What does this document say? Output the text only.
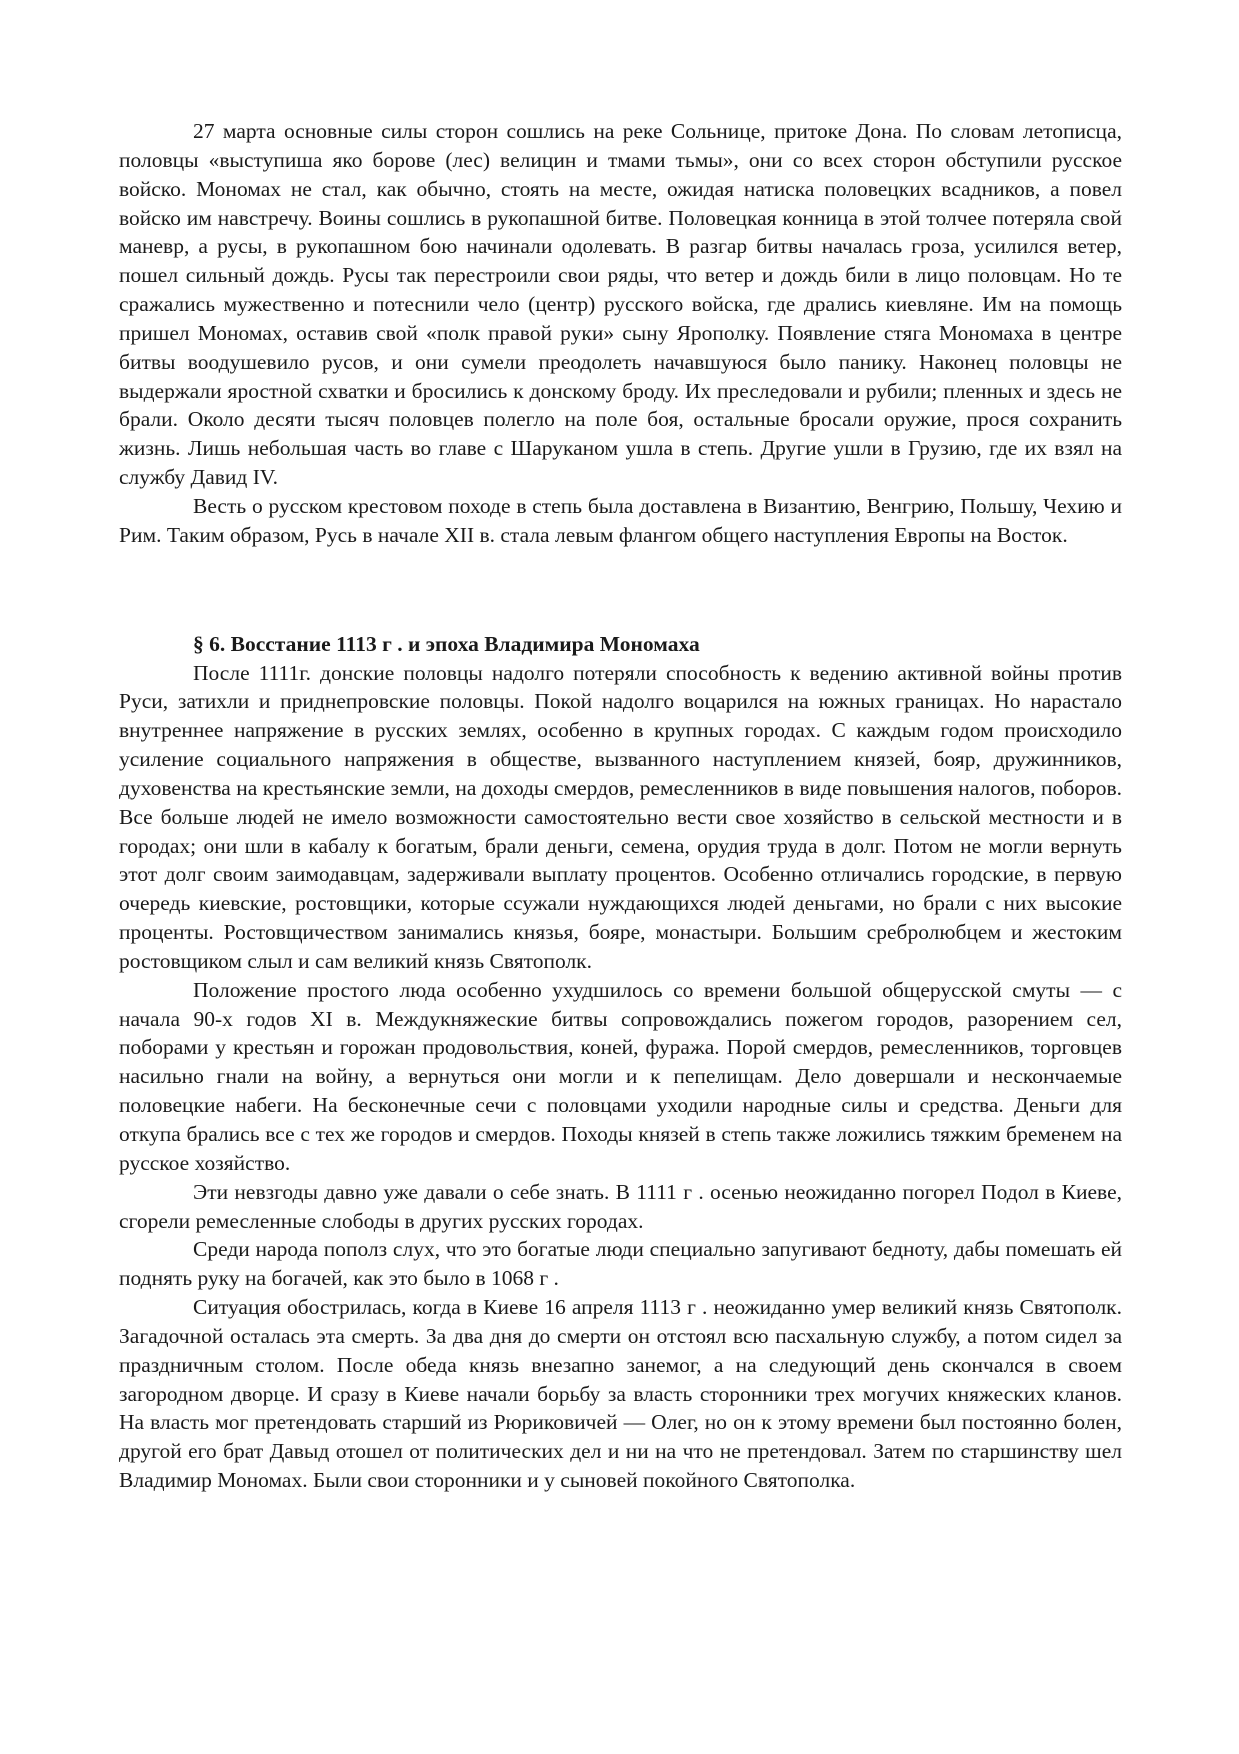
27 марта основные силы сторон сошлись на реке Сольнице, притоке Дона. По словам летописца, половцы «выступиша яко борове (лес) велицин и тмами тьмы», они со всех сторон обступили русское войско. Мономах не стал, как обычно, стоять на месте, ожидая натиска половецких всадников, а повел войско им навстречу. Воины сошлись в рукопашной битве. Половецкая конница в этой толчее потеряла свой маневр, а русы, в рукопашном бою начинали одолевать. В разгар битвы началась гроза, усилился ветер, пошел сильный дождь. Русы так перестроили свои ряды, что ветер и дождь били в лицо половцам. Но те сражались мужественно и потеснили чело (центр) русского войска, где дрались киевляне. Им на помощь пришел Мономах, оставив свой «полк правой руки» сыну Ярополку. Появление стяга Мономаха в центре битвы воодушевило русов, и они сумели преодолеть начавшуюся было панику. Наконец половцы не выдержали яростной схватки и бросились к донскому броду. Их преследовали и рубили; пленных и здесь не брали. Около десяти тысяч половцев полегло на поле боя, остальные бросали оружие, прося сохранить жизнь. Лишь небольшая часть во главе с Шаруканом ушла в степь. Другие ушли в Грузию, где их взял на службу Давид IV.

Весть о русском крестовом походе в степь была доставлена в Византию, Венгрию, Польшу, Чехию и Рим. Таким образом, Русь в начале XII в. стала левым флангом общего наступления Европы на Восток.

§ 6. Восстание 1113 г . и эпоха Владимира Мономаха

После 1111г. донские половцы надолго потеряли способность к ведению активной войны против Руси, затихли и приднепровские половцы. Покой надолго воцарился на южных границах. Но нарастало внутреннее напряжение в русских землях, особенно в крупных городах. С каждым годом происходило усиление социального напряжения в обществе, вызванного наступлением князей, бояр, дружинников, духовенства на крестьянские земли, на доходы смердов, ремесленников в виде повышения налогов, поборов. Все больше людей не имело возможности самостоятельно вести свое хозяйство в сельской местности и в городах; они шли в кабалу к богатым, брали деньги, семена, орудия труда в долг. Потом не могли вернуть этот долг своим заимодавцам, задерживали выплату процентов. Особенно отличались городские, в первую очередь киевские, ростовщики, которые ссужали нуждающихся людей деньгами, но брали с них высокие проценты. Ростовщичеством занимались князья, бояре, монастыри. Большим сребролюбцем и жестоким ростовщиком слыл и сам великий князь Святополк.

Положение простого люда особенно ухудшилось со времени большой общерусской смуты — с начала 90-х годов XI в. Междукняжеские битвы сопровождались пожегом городов, разорением сел, поборами у крестьян и горожан продовольствия, коней, фуража. Порой смердов, ремесленников, торговцев насильно гнали на войну, а вернуться они могли и к пепелищам. Дело довершали и нескончаемые половецкие набеги. На бесконечные сечи с половцами уходили народные силы и средства. Деньги для откупа брались все с тех же городов и смердов. Походы князей в степь также ложились тяжким бременем на русское хозяйство.

Эти невзгоды давно уже давали о себе знать. В 1111 г . осенью неожиданно погорел Подол в Киеве, сгорели ремесленные слободы в других русских городах.

Среди народа пополз слух, что это богатые люди специально запугивают бедноту, дабы помешать ей поднять руку на богачей, как это было в 1068 г .

Ситуация обострилась, когда в Киеве 16 апреля 1113 г . неожиданно умер великий князь Святополк. Загадочной осталась эта смерть. За два дня до смерти он отстоял всю пасхальную службу, а потом сидел за праздничным столом. После обеда князь внезапно занемог, а на следующий день скончался в своем загородном дворце. И сразу в Киеве начали борьбу за власть сторонники трех могучих княжеских кланов. На власть мог претендовать старший из Рюриковичей — Олег, но он к этому времени был постоянно болен, другой его брат Давыд отошел от политических дел и ни на что не претендовал. Затем по старшинству шел Владимир Мономах. Были свои сторонники и у сыновей покойного Святополка.
